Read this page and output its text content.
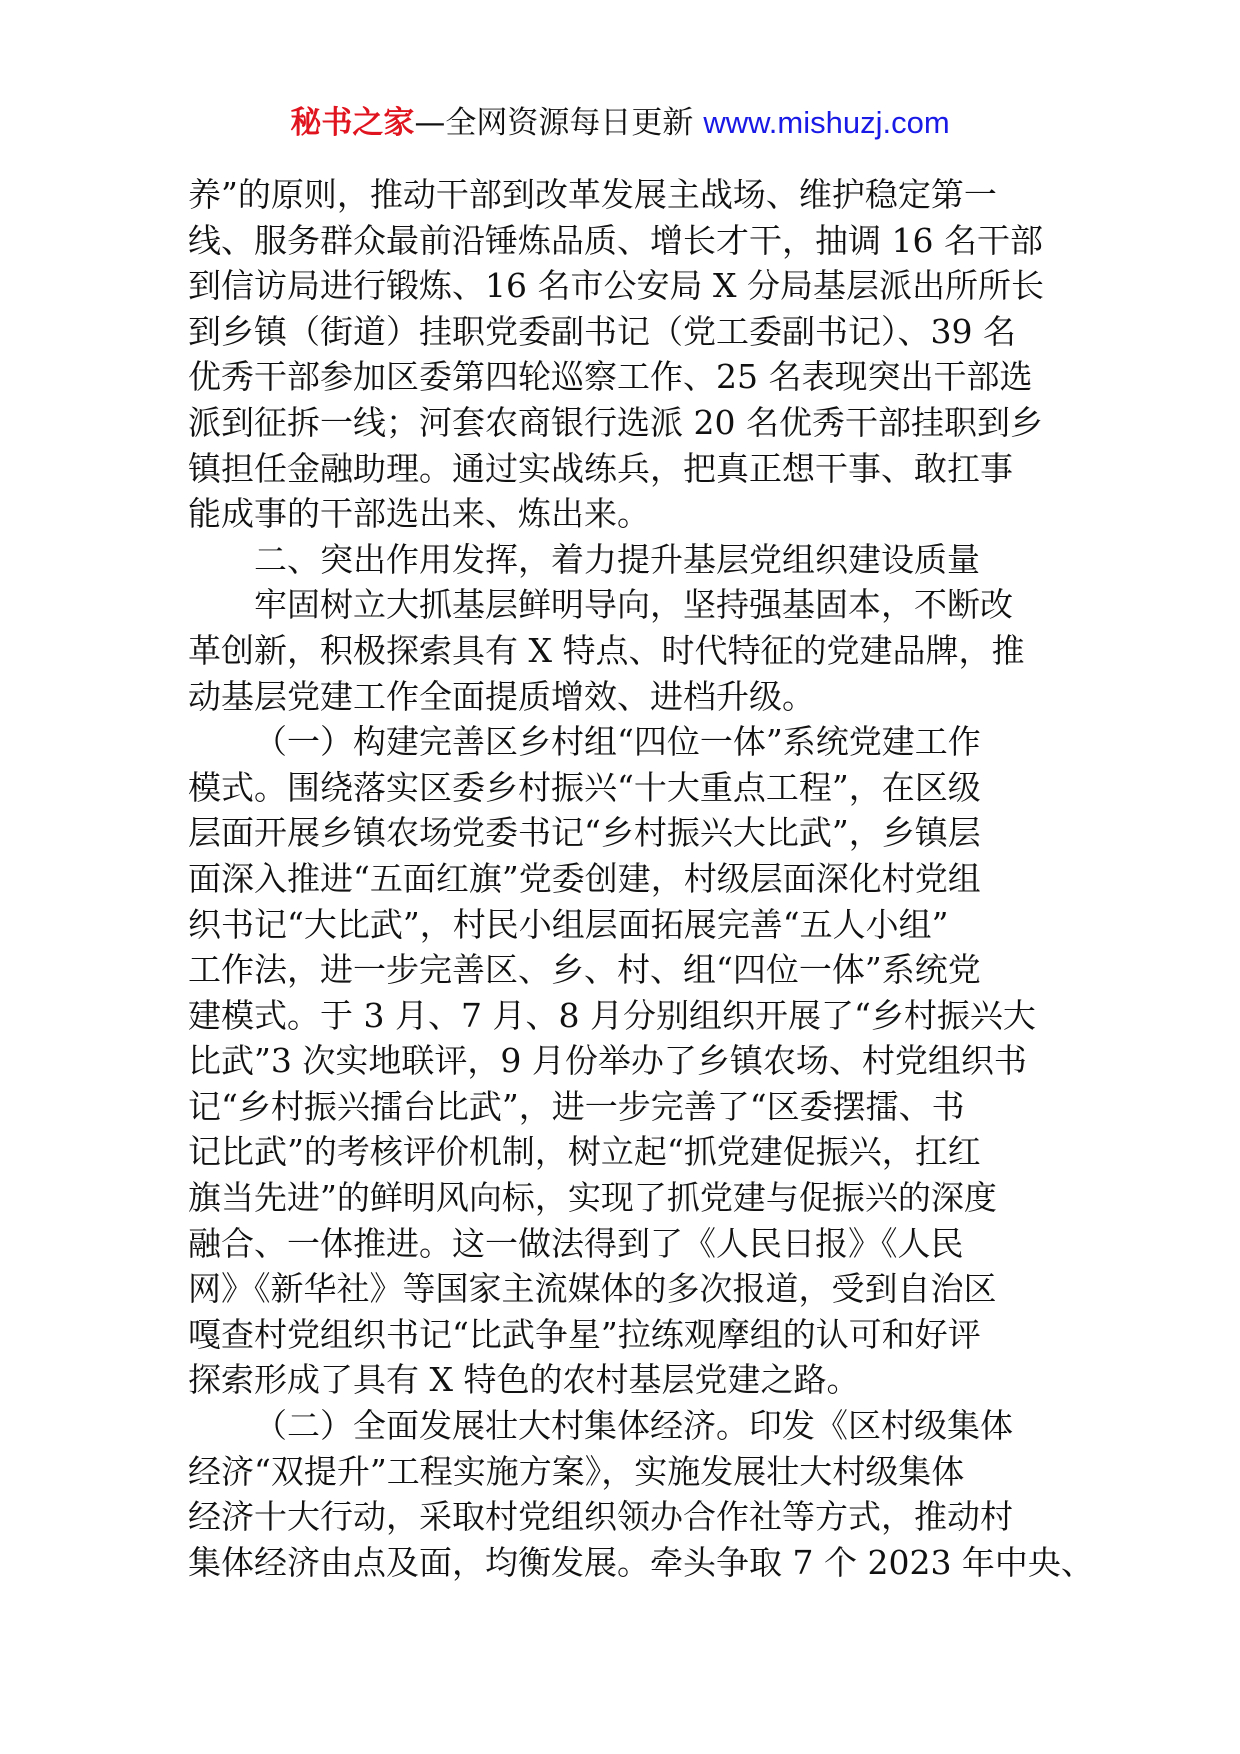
秘书之家—全网资源每日更新 www.mishuzj.com
养”的原则，推动干部到改革发展主战场、维护稳定第一
线、服务群众最前沿锤炼品质、增长才干，抽调 16 名干部
到信访局进行锻炼、16 名市公安局 X 分局基层派出所所长
到乡镇（街道）挂职党委副书记（党工委副书记）、39 名
优秀干部参加区委第四轮巡察工作、25 名表现突出干部选
派到征拆一线；河套农商银行选派 20 名优秀干部挂职到乡
镇担任金融助理。通过实战练兵，把真正想干事、敢扛事
能成事的干部选出来、炼出来。
二、突出作用发挥，着力提升基层党组织建设质量
牢固树立大抓基层鲜明导向，坚持强基固本，不断改
革创新，积极探索具有 X 特点、时代特征的党建品牌，推
动基层党建工作全面提质增效、进档升级。
（一）构建完善区乡村组“四位一体”系统党建工作
模式。围绕落实区委乡村振兴“十大重点工程”，在区级
层面开展乡镇农场党委书记“乡村振兴大比武”，乡镇层
面深入推进“五面红旗”党委创建，村级层面深化村党组
织书记“大比武”，村民小组层面拓展完善“五人小组”
工作法，进一步完善区、乡、村、组“四位一体”系统党
建模式。于 3 月、7 月、8 月分别组织开展了“乡村振兴大
比武”3 次实地联评，9 月份举办了乡镇农场、村党组织书
记“乡村振兴擂台比武”，进一步完善了“区委摆擂、书
记比武”的考核评价机制，树立起“抓党建促振兴，扛红
旗当先进”的鲜明风向标，实现了抓党建与促振兴的深度
融合、一体推进。这一做法得到了《人民日报》《人民
网》《新华社》等国家主流媒体的多次报道，受到自治区
嘎查村党组织书记“比武争星”拉练观摩组的认可和好评
探索形成了具有 X 特色的农村基层党建之路。
（二）全面发展壮大村集体经济。印发《区村级集体
经济“双提升”工程实施方案》，实施发展壮大村级集体
经济十大行动，采取村党组织领办合作社等方式，推动村
集体经济由点及面，均衡发展。牵头争取 7 个 2023 年中央、
